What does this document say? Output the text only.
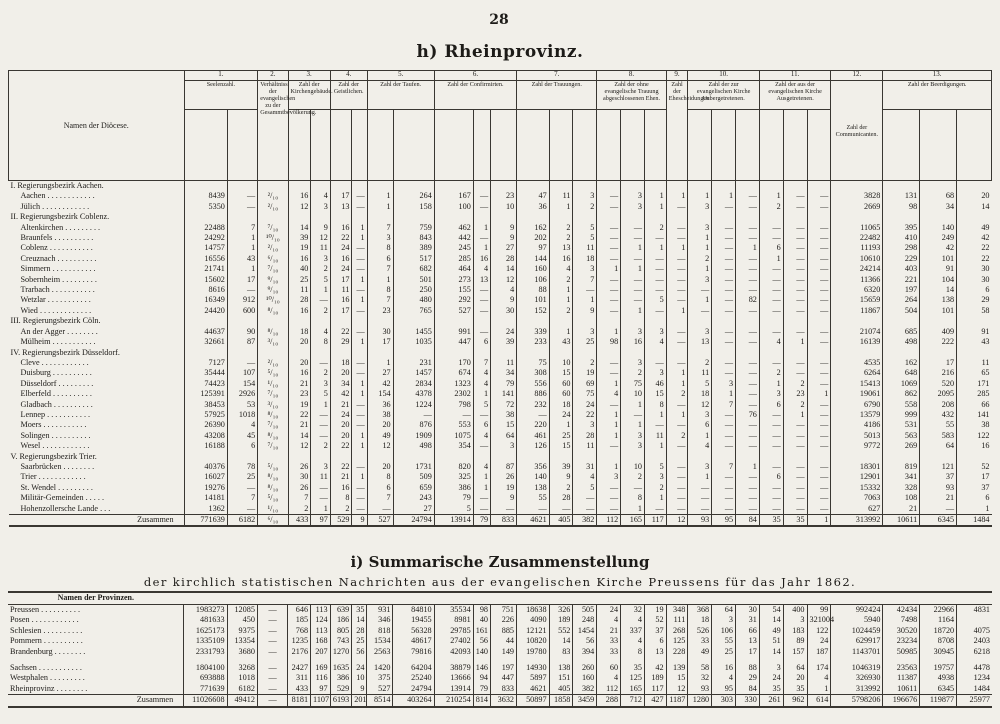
28
h) Rheinprovinz.
Namen der Diöcese.	1.		2.	3.		4.		5.		6.			7.			8.			9.	10.			11.			12.	13.		
	Seelenzahl.		Verhältniss der evangelischen zu der Gesammtbevölkerung.	Zahl der Kirchengebäude.		Zahl der Geistlichen.		Zahl der Taufen.		Zahl der Confirmirten.			Zahl der Trauungen.			Zahl der ohne evangelische Trauung abgeschlossenen Ehen.			Zahl der Ehescheidungen.	Zahl der zur evangelischen Kirche Uebergetretenen.			Zahl der aus der evangelischen Kirche Ausgetretenen.			Zahl der Communicanten.	Zahl der Beerdigungen.		

I. Regierungsbezirk Aachen.																													
Aachen . . . . . . . . . . . .	8439	—	²/₁₀	16	4	17	—	1	264	167	—	23	47	11	3	—	3	1	1	1	1	—	1	—	—	3828	131	68	20
Jülich . . . . . . . . . . . .	5350	—	²/₁₀	12	3	13	—	1	158	100	—	10	36	1	2	—	3	1	—	3	—	—	2	—	—	2669	98	34	14
II. Regierungsbezirk Coblenz.																													
Altenkirchen . . . . . . . . .	22488	7	⁷/₁₀	14	9	16	1	7	759	462	1	9	162	2	5	—	—	2	—	3	—	—	—	—	—	11065	395	140	49
Braunfels . . . . . . . . . .	24292	1	¹⁰/₁₀	39	12	22	1	3	843	442	—	9	202	2	5	—	—	—	—	1	—	—	—	—	—	22482	410	249	42
Coblenz . . . . . . . . . . .	14757	1	²/₁₀	19	11	24	—	8	389	245	1	27	97	13	11	—	1	1	1	1	—	1	6	—	—	11193	298	42	22
Creuznach . . . . . . . . . .	16556	43	⁶/₁₀	16	3	16	—	6	517	285	16	28	144	16	18	—	—	—	—	2	—	—	1	—	—	10610	229	101	22
Simmern . . . . . . . . . . .	21741	1	⁷/₁₀	40	2	24	—	7	682	464	4	14	160	4	3	1	1	—	—	1	—	—	—	—	—	24214	403	91	30
Sobernheim . . . . . . . . .	15602	17	⁹/₁₀	25	5	17	1	1	501	273	13	12	106	2	7	—	—	—	—	3	—	—	—	—	—	11366	221	104	30
Trarbach . . . . . . . . . . .	8616	—	⁹/₁₀	11	1	11	—	8	250	155	—	4	88	1	—	—	—	—	—	—	—	—	—	—	—	6320	197	14	6
Wetzlar . . . . . . . . . . .	16349	912	¹⁰/₁₀	28	—	16	1	7	480	292	—	9	101	1	1	—	—	5	—	1	—	82	—	—	—	15659	264	138	29
Wied . . . . . . . . . . . . .	24420	600	⁸/₁₀	16	2	17	—	23	765	527	—	30	152	2	9	—	1	—	1	—	—	—	—	—	—	11867	504	101	58
III. Regierungsbezirk Cöln.																													
An der Agger . . . . . . . .	44637	90	⁸/₁₀	18	4	22	—	30	1455	991	—	24	339	1	3	1	3	3	—	3	—	—	—	—	—	21074	685	409	91
Mülheim . . . . . . . . . . .	32661	87	³/₁₀	20	8	29	1	17	1035	447	6	39	233	43	25	98	16	4	—	13	—	—	4	1	—	16139	498	222	43
IV. Regierungsbezirk Düsseldorf.																													
Cleve . . . . . . . . . . . .	7127	—	²/₁₀	20	—	18	—	1	231	170	7	11	75	10	2	—	3	—	—	2	—	—	—	—	—	4535	162	17	11
Duisburg . . . . . . . . . .	35444	107	⁵/₁₀	16	2	20	—	27	1457	674	4	34	308	15	19	—	2	3	1	11	—	—	2	—	—	6264	648	216	65
Düsseldorf . . . . . . . . .	74423	154	¹/₁₀	21	3	34	1	42	2834	1323	4	79	556	60	69	1	75	46	1	5	3	—	1	2	—	15413	1069	520	171
Elberfeld . . . . . . . . . .	125391	2926	⁷/₁₀	23	5	42	1	154	4378	2302	1	141	886	60	75	4	10	15	2	18	1	—	3	23	1	19061	862	2095	285
Gladbach . . . . . . . . . .	38453	53	³/₁₀	19	1	21	—	36	1224	798	5	72	232	18	24	—	1	8	—	12	7	—	6	2	—	6790	558	208	66
Lennep . . . . . . . . . . .	57925	1018	⁸/₁₀	22	—	24	—	38	—	—	—	38	—	24	22	1	—	1	1	3	—	76	—	1	—	13579	999	432	141
Moers . . . . . . . . . . .	26390	4	⁷/₁₀	21	—	20	—	20	876	553	6	15	220	1	3	1	1	—	—	6	—	—	—	—	—	4186	531	55	38
Solingen . . . . . . . . . .	43208	45	⁸/₁₀	14	—	20	1	49	1909	1075	4	64	461	25	28	1	3	11	2	1	—	—	—	—	—	5013	563	583	122
Wesel . . . . . . . . . . . .	16188	6	⁷/₁₀	12	2	22	1	12	498	354	—	3	126	15	11	—	3	1	—	4	—	—	—	—	—	9772	269	64	16
V. Regierungsbezirk Trier.																													
Saarbrücken . . . . . . . .	40376	78	⁵/₁₀	26	3	22	—	20	1731	820	4	87	356	39	31	1	10	5	—	3	7	1	—	—	—	18301	819	121	52
Trier . . . . . . . . . . . .	16027	25	⁸/₁₀	30	11	21	1	8	509	325	1	26	140	9	4	3	2	3	—	1	—	—	6	—	—	12901	341	37	17
St. Wendel . . . . . . . . .	19276	—	⁸/₁₀	26	—	16	—	6	659	386	1	19	138	2	5	—	—	2	—	—	—	—	—	—	—	15332	328	93	37
Militär-Gemeinden . . . . .	14181	7	⁵/₁₀	7	—	8	—	7	243	79	—	9	55	28	—	—	8	1	—	—	—	—	—	—	—	7063	108	21	6
Hohenzollersche Lande . . .	1362	—	¹/₁₀	2	1	2	—	—	27	5	—	—	—	—	—	—	1	—	—	—	—	—	—	—	—	627	21	—	1
Zusammen	771639	6182	⁶/₁₀	433	97	529	9	527	24794	13914	79	833	4621	405	382	112	165	117	12	93	95	84	35	35	1	313992	10611	6345	1484
i) Summarische Zusammenstellung
der kirchlich statistischen Nachrichten aus der evangelischen Kirche Preussens für das Jahr 1862.
Namen der Provinzen.																													
Preussen . . . . . . . . . .	1983273	12085	—	646	113	639	35	931	84810	35534	98	751	18638	326	505	24	32	19	348	368	64	30	54	400	99	992424	42434	22966	4831
Posen . . . . . . . . . . . .	481633	450	—	185	124	186	14	346	19455	8981	40	226	4090	189	248	4	4	52	111	18	3	31	14	3	321004	5940	7498	1164	
Schlesien . . . . . . . . . .	1625173	9375	—	768	113	805	28	818	56328	29785	161	885	12121	552	1454	21	337	37	268	526	106	66	49	183	122	1024459	30520	18720	4075
Pommern . . . . . . . . . .	1335109	13354	—	1235	168	743	25	1534	48617	27402	56	44	10820	14	56	33	4	6	125	33	55	13	51	89	24	629917	23234	8708	2403
Brandenburg . . . . . . . .	2331793	3680	—	2176	207	1270	56	2563	79816	42093	140	149	19780	83	394	33	8	13	228	49	25	17	14	157	187	1143701	50985	30945	6218

Sachsen . . . . . . . . . . .	1804100	3268	—	2427	169	1635	24	1420	64204	38879	146	197	14930	138	260	60	35	42	139	58	16	88	3	64	174	1046319	23563	19757	4478
Westphalen . . . . . . . . .	693888	1018	—	311	116	386	10	375	25240	13666	94	447	5897	151	160	4	125	189	15	32	4	29	24	20	4	326930	11387	4938	1234
Rheinprovinz . . . . . . . .	771639	6182	—	433	97	529	9	527	24794	13914	79	833	4621	405	382	112	165	117	12	93	95	84	35	35	1	313992	10611	6345	1484
Zusammen	11026608	49412	—	8181	1107	6193	201	8514	403264	210254	814	3632	50897	1858	3459	288	712	427	1187	1280	303	330	261	962	614	5798206	196676	119877	25977
